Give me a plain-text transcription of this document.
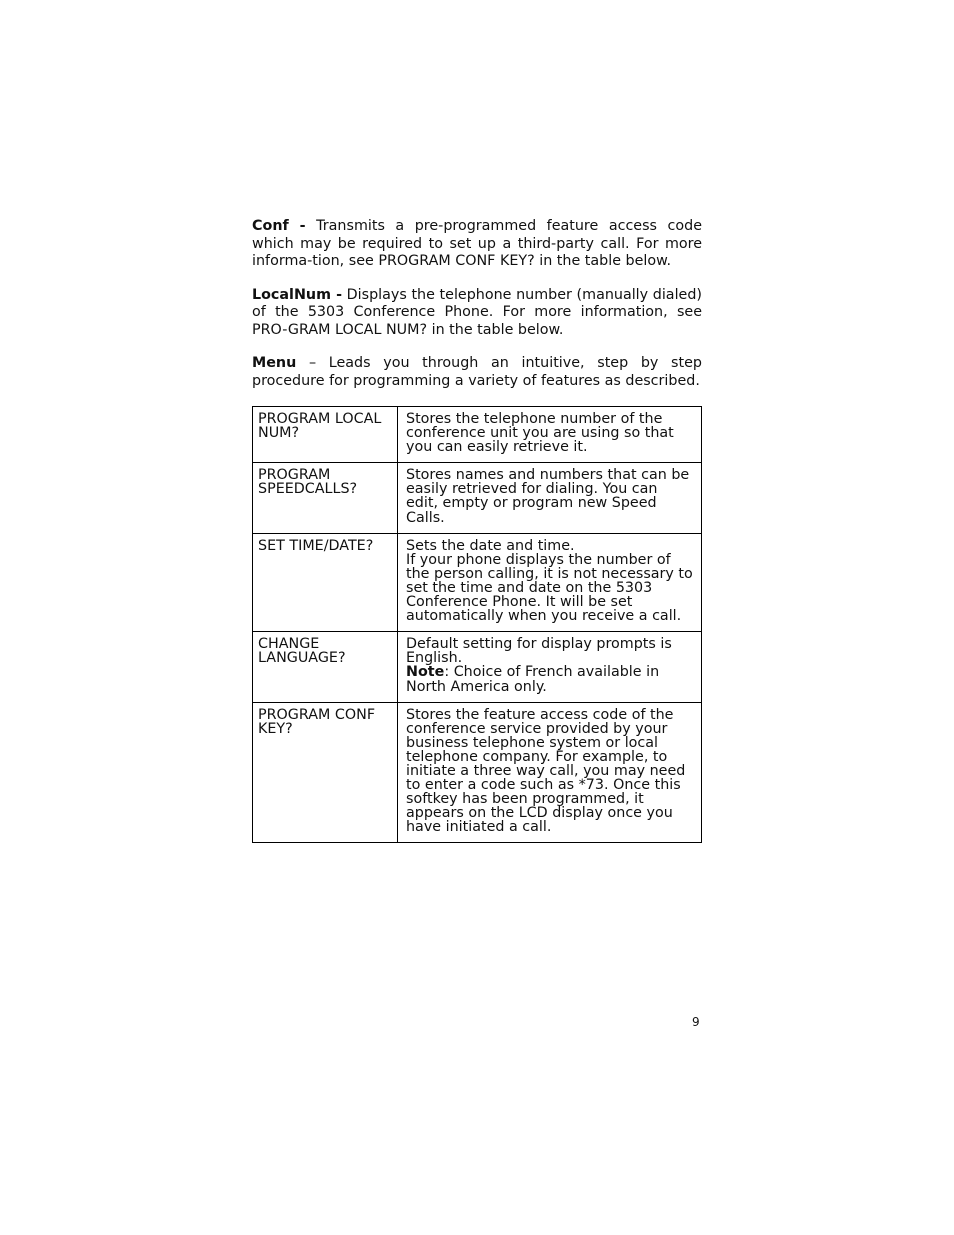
Conf - Transmits a pre-programmed feature access code which may be required to set up a third-party call. For more informa-tion, see PROGRAM CONF KEY? in the table below.

LocalNum - Displays the telephone number (manually dialed) of the 5303 Conference Phone. For more information, see PRO-GRAM LOCAL NUM? in the table below.

Menu – Leads you through an intuitive, step by step procedure for programming a variety of features as described.

PROGRAM LOCAL NUM?	Stores the telephone number of the conference unit you are using so that you can easily retrieve it.
PROGRAM SPEEDCALLS?	Stores names and numbers that can be easily retrieved for dialing. You can edit, empty or program new Speed Calls.
SET TIME/DATE?	Sets the date and time.
If your phone displays the number of the person calling, it is not necessary to set the time and date on the 5303 Conference Phone. It will be set automatically when you receive a call.

CHANGE LANGUAGE?	Default setting for display prompts is English.
Note: Choice of French available in North America only.

PROGRAM CONF KEY?	Stores the feature access code of the conference service provided by your business telephone system or local telephone company. For example, to initiate a three way call, you may need to enter a code such as *73. Once this softkey has been programmed, it appears on the LCD display once you have initiated a call.
9
